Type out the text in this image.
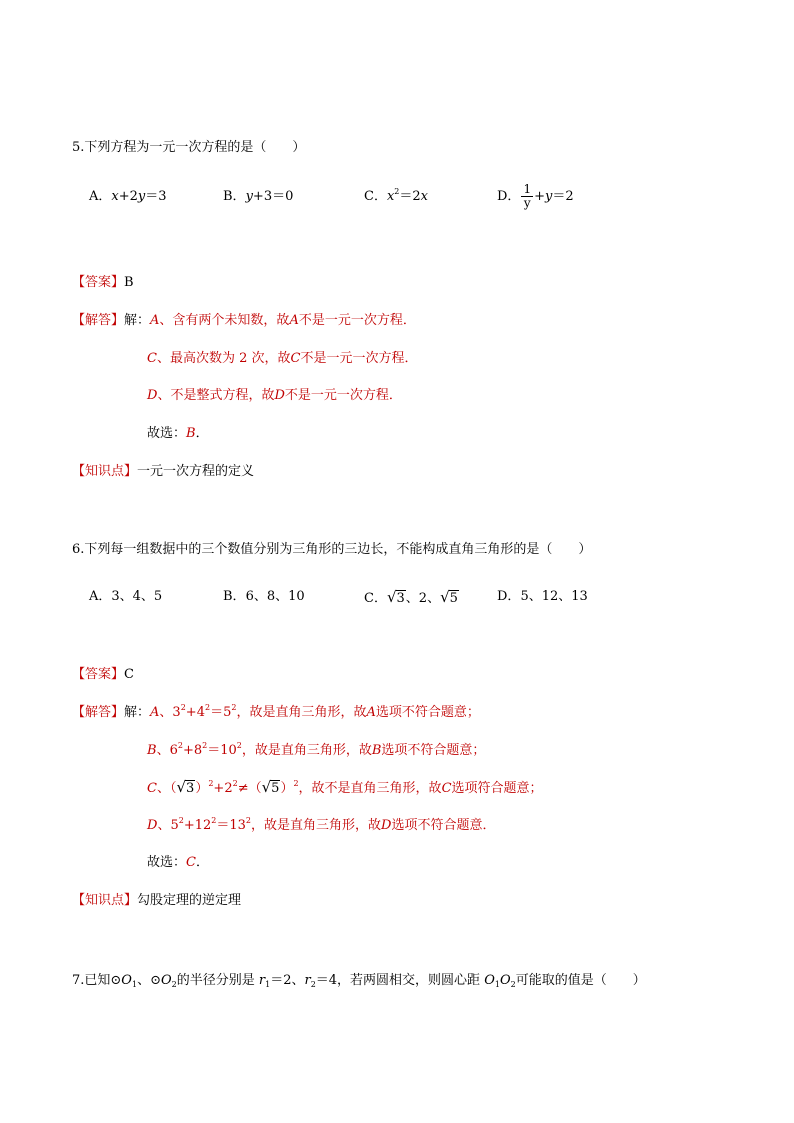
5.下列方程为一元一次方程的是（　　）
A．x+2y＝3	B．y+3＝0	C．$x^2=2x$	D． $\frac{1}{y} +y=2$
【答案】B
【解答】解：A、含有两个未知数，故A不是一元一次方程．
C、最高次数为 2 次，故C不是一元一次方程．
D、不是整式方程，故D不是一元一次方程．
故选：B．
【知识点】一元一次方程的定义
6.下列每一组数据中的三个数值分别为三角形的三边长，不能构成直角三角形的是（　　）
A．3、4、5	B．6、8、10	C．√3、2、√5	D．5、12、13
【答案】C
【解答】解：A、$3^2+4^2=5^2$，故是直角三角形，故A选项不符合题意；
B、$6^2+8^2=10^2$，故是直角三角形，故B选项不符合题意；
C、$(√3)^2+2^2\ne(√5)^2$，故不是直角三角形，故C选项符合题意；
D、$5^2+12^2=13^2$，故是直角三角形，故D选项不符合题意．
故选：C．
【知识点】勾股定理的逆定理
7.已知$⊙O_1$、$⊙O_2$的半径分别是 $r_1=2$、$r_2=4$，若两圆相交，则圆心距 $O_1O_2$可能取的值是（　　）
